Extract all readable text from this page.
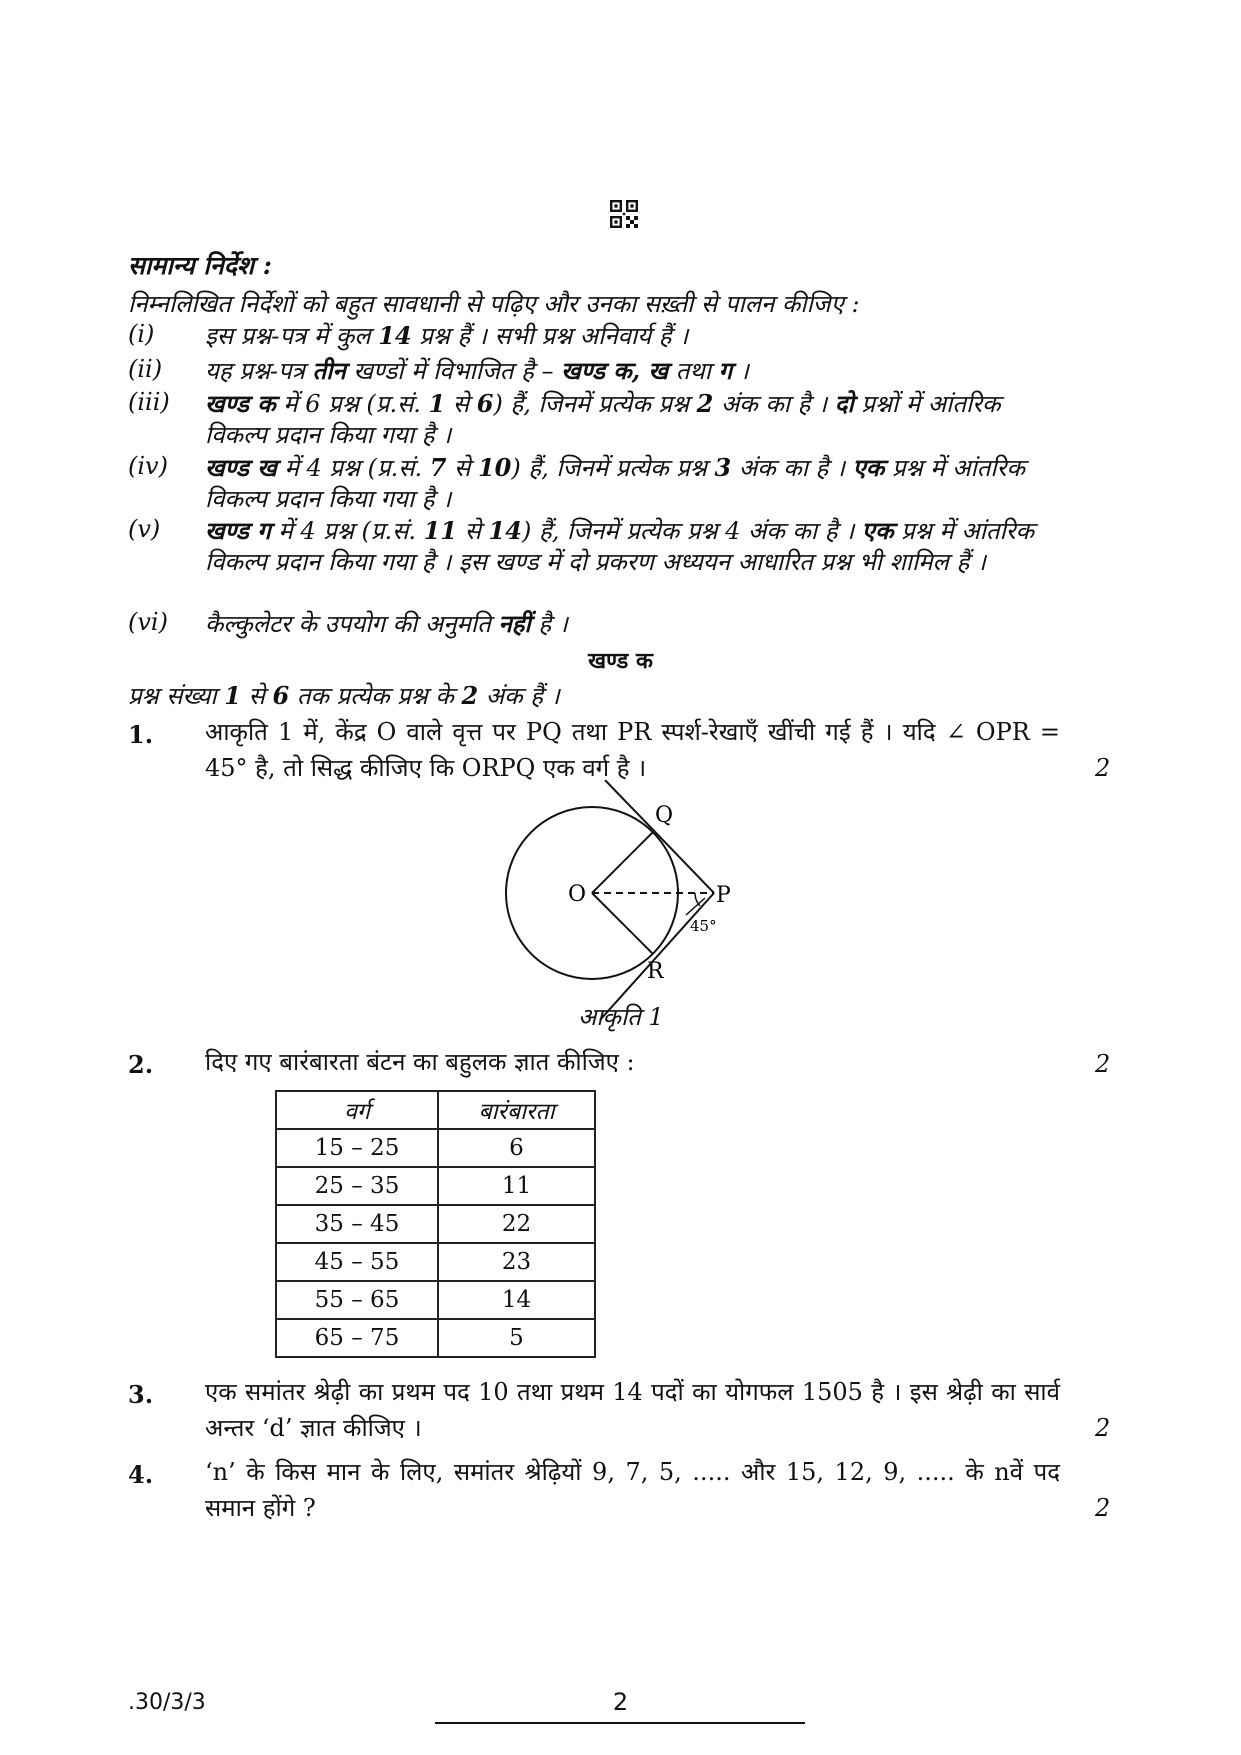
सामान्य निर्देश :
निम्नलिखित निर्देशों को बहुत सावधानी से पढ़िए और उनका सख़्ती से पालन कीजिए :
(i)	इस प्रश्न-पत्र में कुल 14 प्रश्न हैं । सभी प्रश्न अनिवार्य हैं ।
(ii)	यह प्रश्न-पत्र तीन खण्डों में विभाजित है – खण्ड क, ख तथा ग ।
(iii)	खण्ड क में 6 प्रश्न (प्र.सं. 1 से 6) हैं, जिनमें प्रत्येक प्रश्न 2 अंक का है । दो प्रश्नों में आंतरिक विकल्प प्रदान किया गया है ।
(iv)	खण्ड ख में 4 प्रश्न (प्र.सं. 7 से 10) हैं, जिनमें प्रत्येक प्रश्न 3 अंक का है । एक प्रश्न में आंतरिक विकल्प प्रदान किया गया है ।
(v)	खण्ड ग में 4 प्रश्न (प्र.सं. 11 से 14) हैं, जिनमें प्रत्येक प्रश्न 4 अंक का है । एक प्रश्न में आंतरिक विकल्प प्रदान किया गया है । इस खण्ड में दो प्रकरण अध्ययन आधारित प्रश्न भी शामिल हैं ।
(vi)	कैल्कुलेटर के उपयोग की अनुमति नहीं है ।
खण्ड क
प्रश्न संख्या 1 से 6 तक प्रत्येक प्रश्न के 2 अंक हैं ।
1. आकृति 1 में, केंद्र O वाले वृत्त पर PQ तथा PR स्पर्श-रेखाएँ खींची गई हैं । यदि ∠ OPR = 45° है, तो सिद्ध कीजिए कि ORPQ एक वर्ग है ।	2
O	P
Q
R
45°
आकृति 1
2. दिए गए बारंबारता बंटन का बहुलक ज्ञात कीजिए :	2
वर्ग	बारंबारता
15 – 25	6
25 – 35	11
35 – 45	22
45 – 55	23
55 – 65	14
65 – 75	5
3. एक समांतर श्रेढ़ी का प्रथम पद 10 तथा प्रथम 14 पदों का योगफल 1505 है । इस श्रेढ़ी का सार्व अन्तर ‘d’ ज्ञात कीजिए ।	2
4. ‘n’ के किस मान के लिए, समांतर श्रेढ़ियों 9, 7, 5, ..... और 15, 12, 9, ..... के nवें पद समान होंगे ?	2
.30/3/3	2
